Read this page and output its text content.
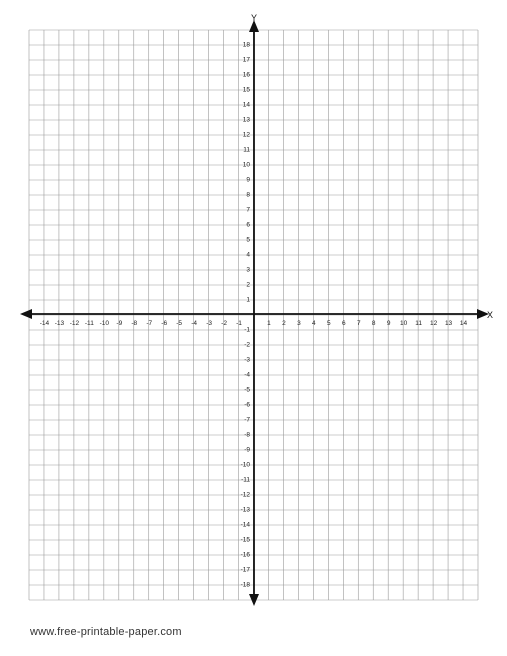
-14 -13 -12 -11 -10 -9 -8 -7 -6 -5 -4 -3 -2 -1	1 2 3 4 5 6 7 8 9 10 11 12 13 14
18
17
16
15
14
13
12
11
10
9
8
7
6
5
4
3
2
1
-1
-2
-3
-4
-5
-6
-7
-8
-9
-10
-11
-12
-13
-14
-15
-16
-17
-18
X
Y
www.free-printable-paper.com
